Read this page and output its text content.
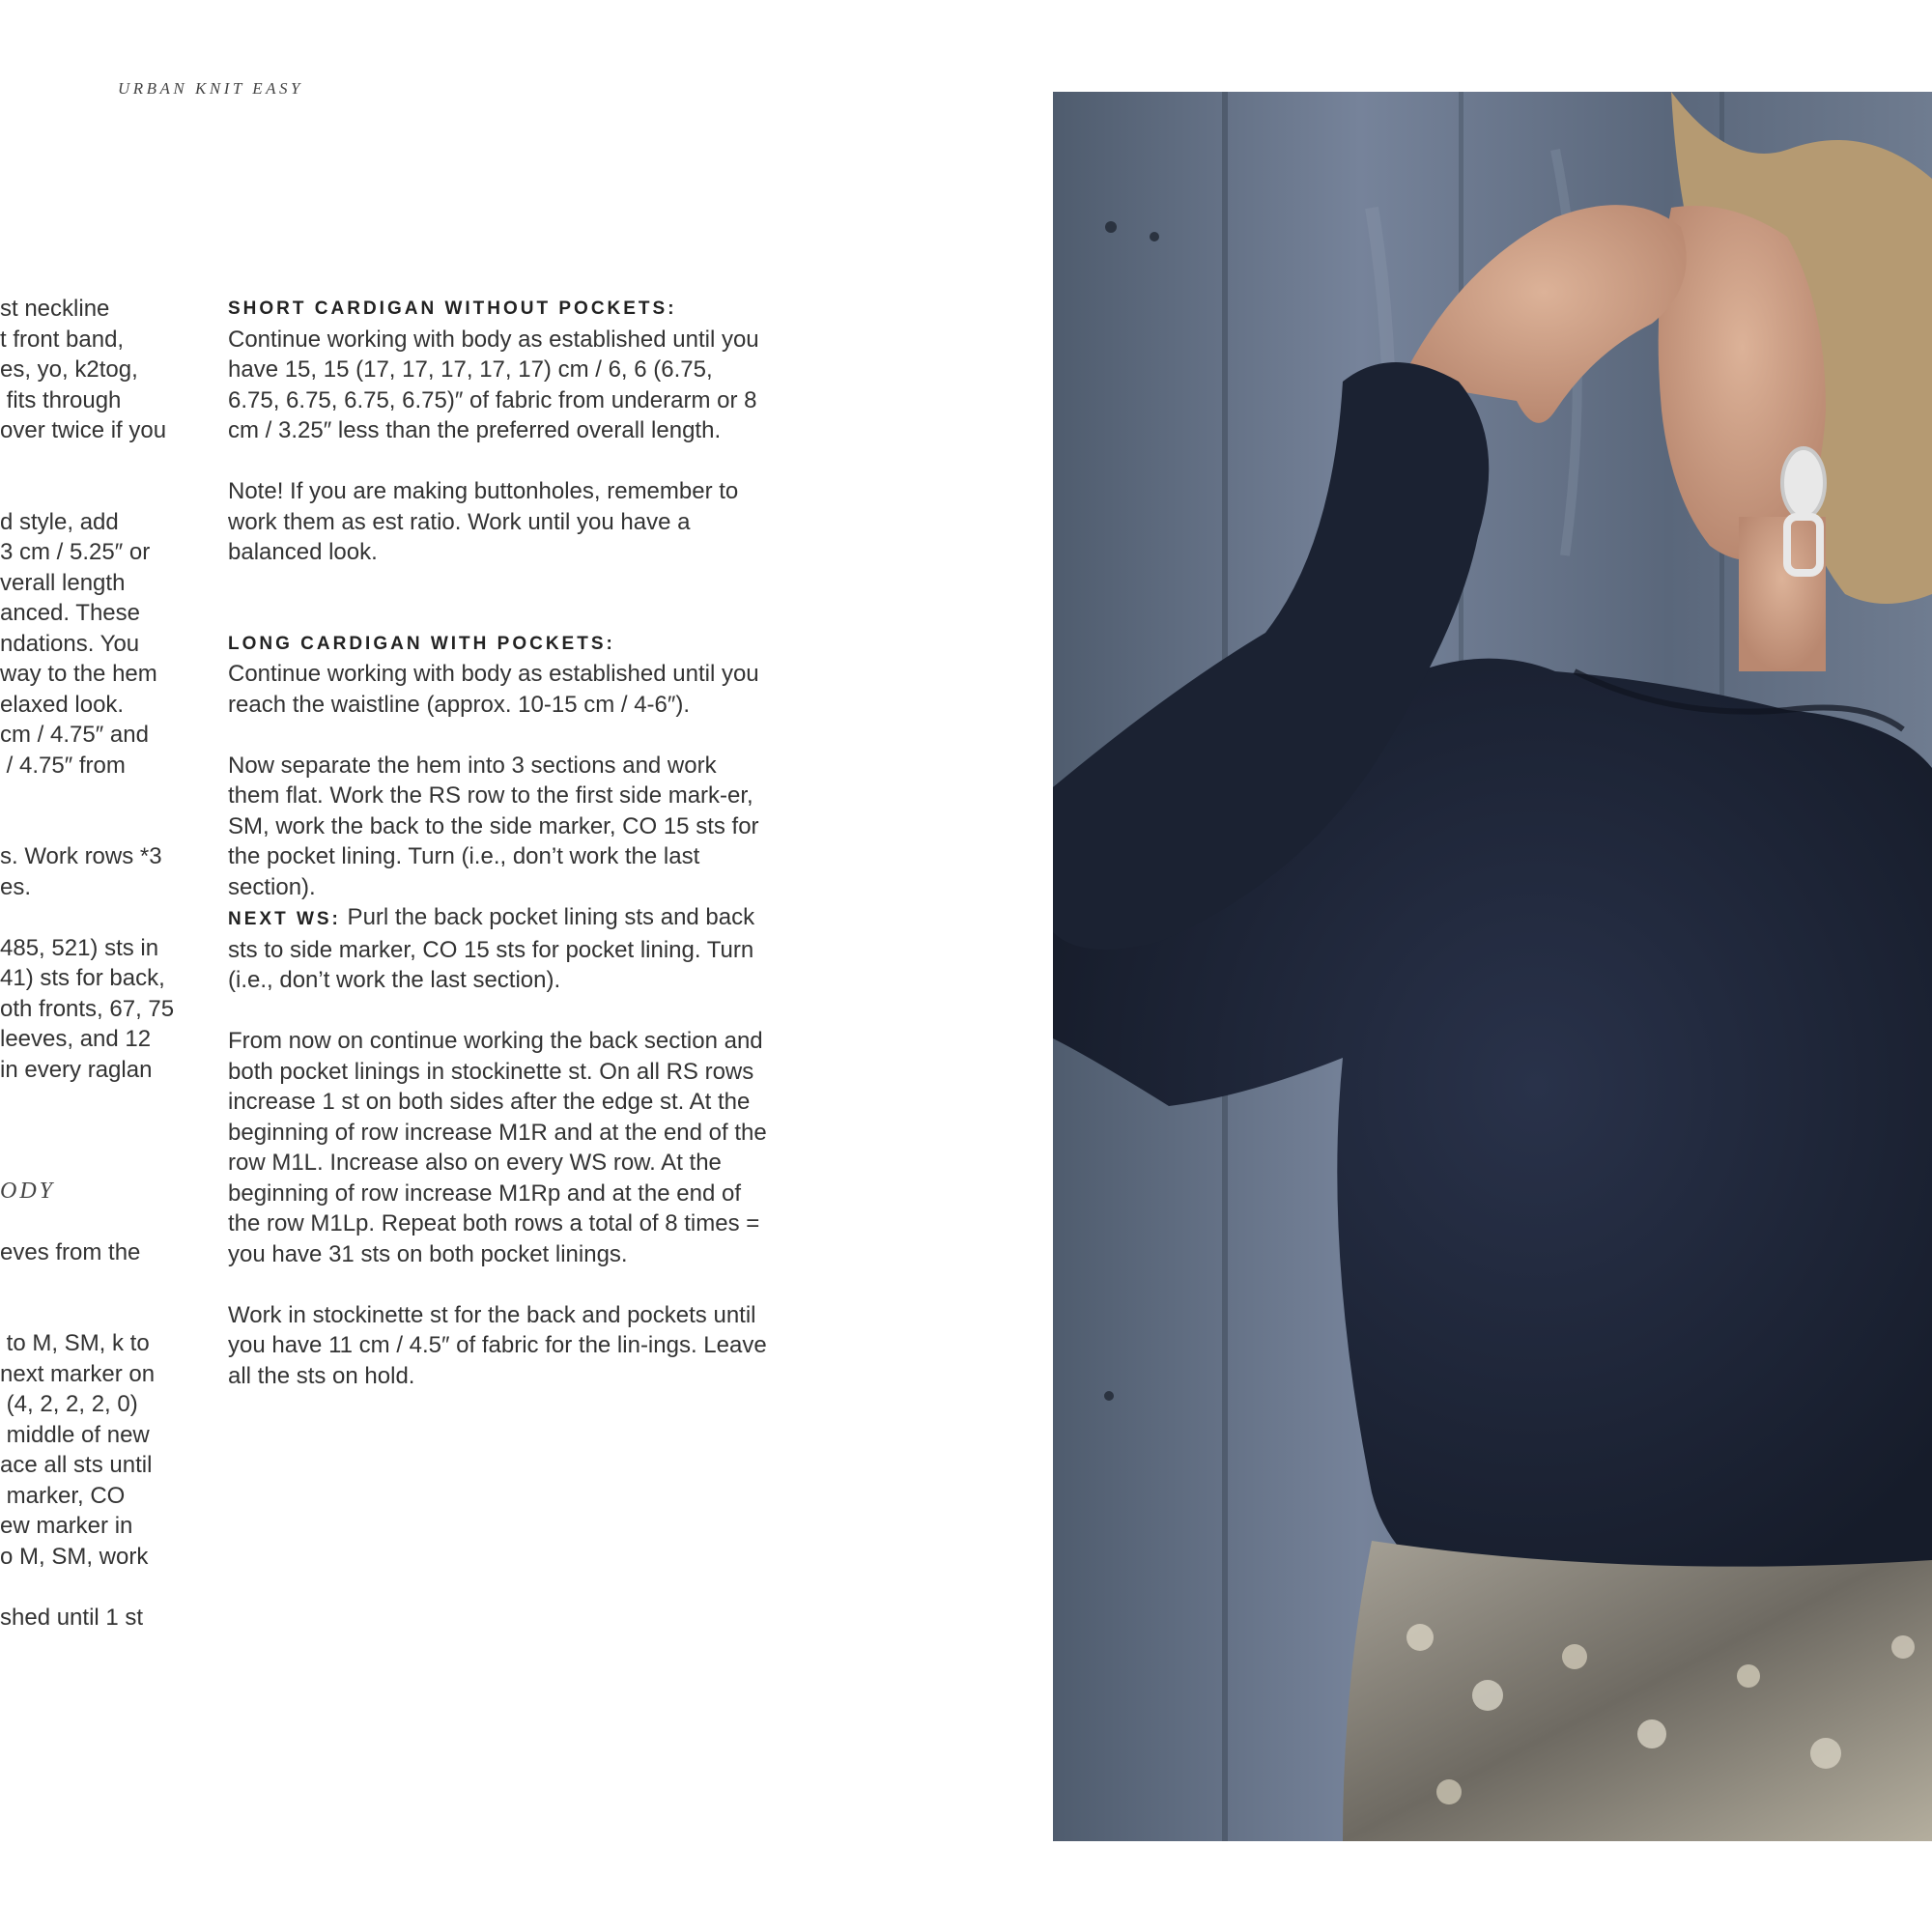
URBAN KNIT EASY
st neckline
t front band,
es, yo, k2tog,
fits through
over twice if you
d style, add
3 cm / 5.25″ or
verall length
anced. These
ndations. You
way to the hem
elaxed look.
cm / 4.75″ and
/ 4.75″ from
s. Work rows *3
es.
485, 521) sts in
41) sts for back,
oth fronts, 67, 75
leeves, and 12
in every raglan
ODY
eves from the
to M, SM, k to
next marker on
(4, 2, 2, 2, 0)
middle of new
ace all sts until
marker, CO
ew marker in
o M, SM, work
shed until 1 st
SHORT CARDIGAN WITHOUT POCKETS:
Continue working with body as established until you have 15, 15 (17, 17, 17, 17, 17) cm / 6, 6 (6.75, 6.75, 6.75, 6.75, 6.75)″ of fabric from underarm or 8 cm / 3.25″ less than the preferred overall length.
Note! If you are making buttonholes, remember to work them as est ratio. Work until you have a balanced look.
LONG CARDIGAN WITH POCKETS:
Continue working with body as established until you reach the waistline (approx. 10-15 cm / 4-6″).
Now separate the hem into 3 sections and work them flat. Work the RS row to the first side mark-er, SM, work the back to the side marker, CO 15 sts for the pocket lining. Turn (i.e., don’t work the last section).
NEXT WS: Purl the back pocket lining sts and back sts to side marker, CO 15 sts for pocket lining. Turn (i.e., don’t work the last section).
From now on continue working the back section and both pocket linings in stockinette st. On all RS rows increase 1 st on both sides after the edge st. At the beginning of row increase M1R and at the end of the row M1L. Increase also on every WS row. At the beginning of row increase M1Rp and at the end of the row M1Lp. Repeat both rows a total of 8 times = you have 31 sts on both pocket linings.
Work in stockinette st for the back and pockets until you have 11 cm / 4.5″ of fabric for the lin-ings. Leave all the sts on hold.
